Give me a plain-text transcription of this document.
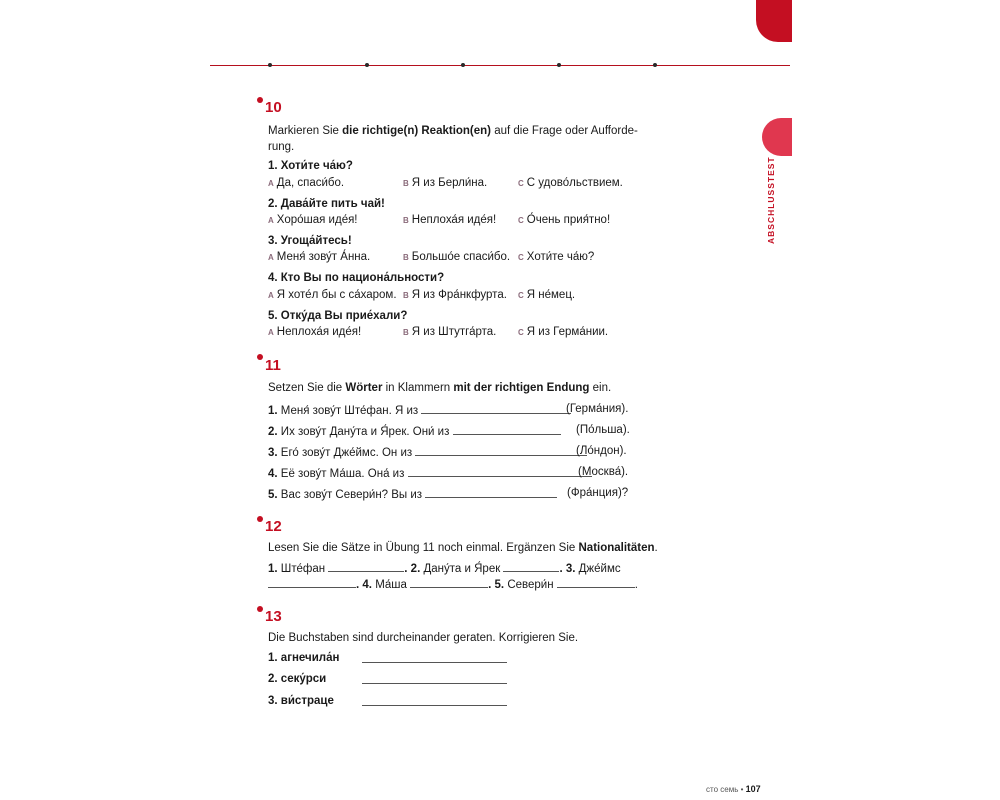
ABSCHLUSSTEST
10
Markieren Sie die richtige(n) Reaktion(en) auf die Frage oder Aufforde-
rung.
1. Хоти́те ча́ю?
A Да, спаси́бо.	B Я из Берли́на.	C С удово́льствием.
2. Дава́йте пить чай!
A Хоро́шая иде́я!	B Неплоха́я иде́я!	C О́чень прия́тно!
3. Угоща́йтесь!
A Меня́ зову́т А́нна.	B Большо́е спаси́бо. C Хоти́те ча́ю?
4. Кто Вы по национа́льности?
A Я хоте́л бы с са́харом. B Я из Фра́нкфурта. C Я не́мец.
5. Отку́да Вы прие́хали?
A Неплоха́я иде́я!	B Я из Штутга́рта.	C Я из Герма́нии.
11
Setzen Sie die Wörter in Klammern mit der richtigen Endung ein.
1. Меня́ зову́т Ште́фан. Я из	(Герма́ния).
2. Их зову́т Дану́та и Я́рек. Они́ из	(По́льша).
3. Его́ зову́т Дже́ймс. Он из	(Ло́ндон).
4. Её зову́т Ма́ша. Она́ из	(Москва́).
5. Вас зову́т Севери́н? Вы из	(Фра́нция)?
12
Lesen Sie die Sätze in Übung 11 noch einmal. Ergänzen Sie Nationalitäten.
1. Ште́фан	. 2. Дану́та и Я́рек	. 3. Дже́ймс
. 4. Ма́ша	. 5. Севери́н	.
13
Die Buchstaben sind durcheinander geraten. Korrigieren Sie.
1. агнечила́н
2. секу́рси
3. ви́страце
сто семь • 107
